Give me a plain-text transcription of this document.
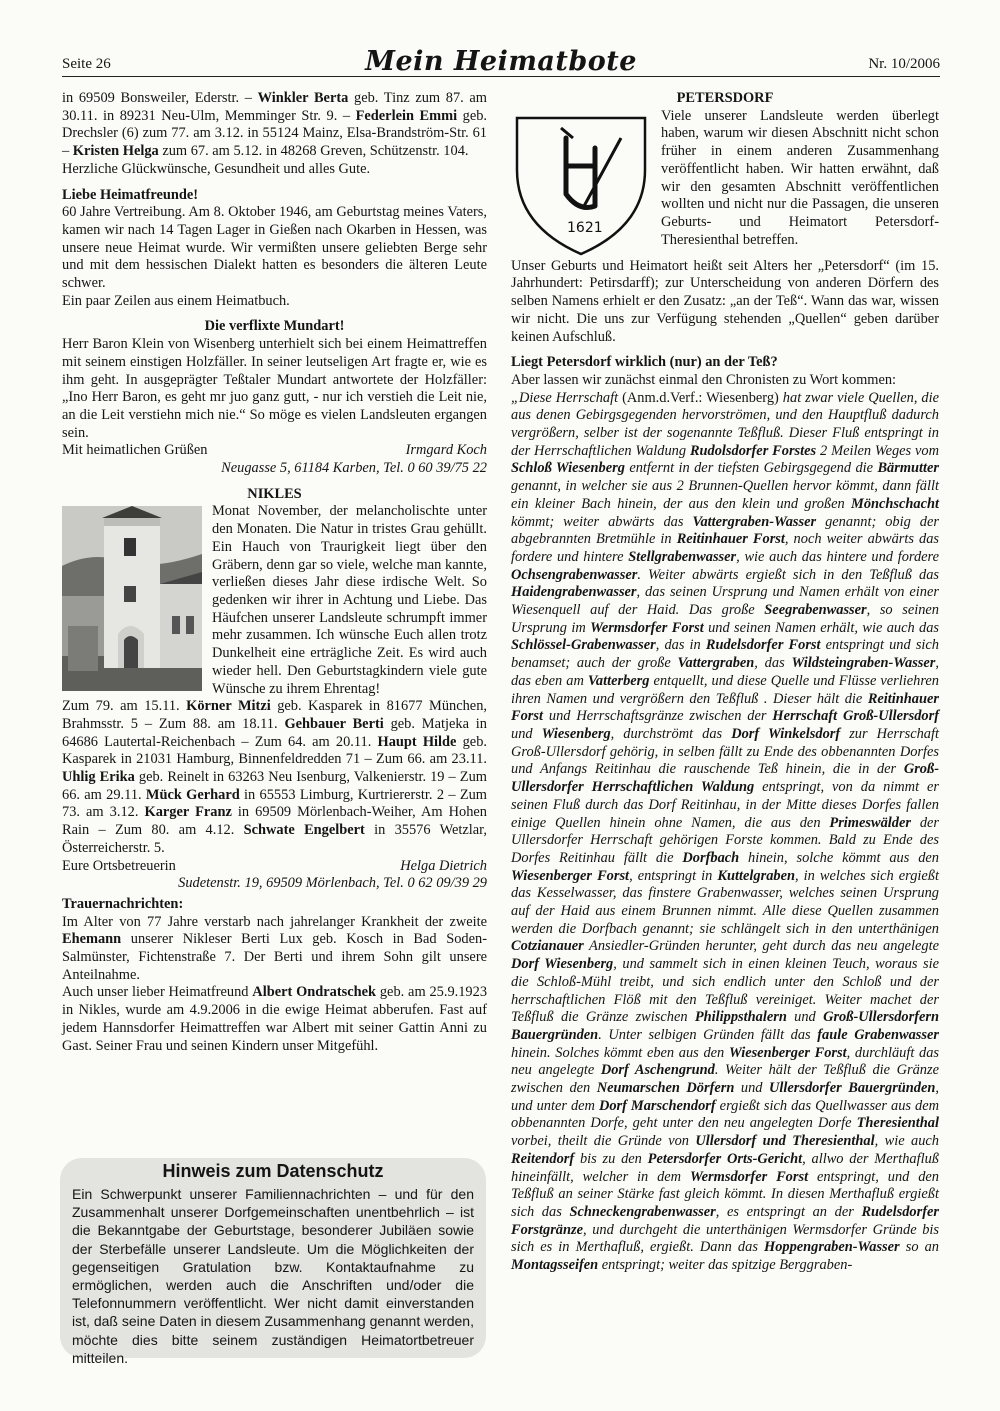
Seite 26	Mein Heimatbote	Nr. 10/2006

in 69509 Bonsweiler, Ederstr. – Winkler Berta geb. Tinz zum 87. am 30.11. in 89231 Neu-Ulm, Memminger Str. 9. – Federlein Emmi geb. Drechsler (6) zum 77. am 3.12. in 55124 Mainz, Elsa-Brandström-Str. 61 – Kristen Helga zum 67. am 5.12. in 48268 Greven, Schützenstr. 104.

Herzliche Glückwünsche, Gesundheit und alles Gute.

Liebe Heimatfreunde!

60 Jahre Vertreibung. Am 8. Oktober 1946, am Geburtstag meines Vaters, kamen wir nach 14 Tagen Lager in Gießen nach Okarben in Hessen, was unsere neue Heimat wurde. Wir vermißten unsere geliebten Berge sehr und mit dem hessischen Dialekt hatten es besonders die älteren Leute schwer.

Ein paar Zeilen aus einem Heimatbuch.

Die verflixte Mundart!

Herr Baron Klein von Wisenberg unterhielt sich bei einem Heimattreffen mit seinem einstigen Holzfäller. In seiner leutseligen Art fragte er, wie es ihm geht. In ausgeprägter Teßtaler Mundart antwortete der Holzfäller: „Ino Herr Baron, es geht mr juo ganz gutt, - nur ich verstieh die Leit nie, an die Leit verstiehn mich nie.“ So möge es vielen Landsleuten ergangen sein.

Mit heimatlichen Grüßen	Irmgard Koch

Neugasse 5, 61184 Karben, Tel. 0 60 39/75 22

NIKLES

Monat November, der melancholischte unter den Monaten. Die Natur in tristes Grau gehüllt. Ein Hauch von Traurigkeit liegt über den Gräbern, denn gar so viele, welche man kannte, verließen dieses Jahr diese irdische Welt. So gedenken wir ihrer in Achtung und Liebe. Das Häufchen unserer Landsleute schrumpft immer mehr zusammen. Ich wünsche Euch allen trotz Dunkelheit eine erträgliche Zeit. Es wird auch wieder hell. Den Geburtstagkindern viele gute Wünsche zu ihrem Ehrentag!

Zum 79. am 15.11. Körner Mitzi geb. Kasparek in 81677 München, Brahmsstr. 5 – Zum 88. am 18.11. Gehbauer Berti geb. Matjeka in 64686 Lautertal-Reichenbach – Zum 64. am 20.11. Haupt Hilde geb. Kasparek in 21031 Hamburg, Binnenfeldredden 71 – Zum 66. am 23.11. Uhlig Erika geb. Reinelt in 63263 Neu Isenburg, Valkenierstr. 19 – Zum 66. am 29.11. Mück Gerhard in 65553 Limburg, Kurtriererstr. 2 – Zum 73. am 3.12. Karger Franz in 69509 Mörlenbach-Weiher, Am Hohen Rain – Zum 80. am 4.12. Schwate Engelbert in 35576 Wetzlar, Österreicherstr. 5.

Eure Ortsbetreuerin	Helga Dietrich

Sudetenstr. 19, 69509 Mörlenbach, Tel. 0 62 09/39 29

Trauernachrichten:

Im Alter von 77 Jahre verstarb nach jahrelanger Krankheit der zweite Ehemann unserer Nikleser Berti Lux geb. Kosch in Bad Soden-Salmünster, Fichtenstraße 7. Der Berti und ihrem Sohn gilt unsere Anteilnahme.

Auch unser lieber Heimatfreund Albert Ondratschek geb. am 25.9.1923 in Nikles, wurde am 4.9.2006 in die ewige Heimat abberufen. Fast auf jedem Hannsdorfer Heimattreffen war Albert mit seiner Gattin Anni zu Gast. Seiner Frau und seinen Kindern unser Mitgefühl.

Hinweis zum Datenschutz
Ein Schwerpunkt unserer Familiennachrichten – und für den Zusammenhalt unserer Dorfgemeinschaften unentbehrlich – ist die Bekanntgabe der Geburtstage, besonderer Jubiläen sowie der Sterbefälle unserer Landsleute. Um die Möglichkeiten der gegenseitigen Gratulation bzw. Kontaktaufnahme zu ermöglichen, werden auch die Anschriften und/oder die Telefonnummern veröffentlicht. Wer nicht damit einverstanden ist, daß seine Daten in diesem Zusammenhang genannt werden, möchte dies bitte seinem zuständigen Heimatortbetreuer mitteilen.

PETERSDORF

1621

Viele unserer Landsleute werden überlegt haben, warum wir diesen Abschnitt nicht schon früher in einem anderen Zusammenhang veröffentlicht haben. Wir hatten erwähnt, daß wir den gesamten Abschnitt veröffentlichen wollten und nicht nur die Passagen, die unseren Geburts- und Heimatort Petersdorf-Theresienthal betreffen.

Unser Geburts und Heimatort heißt seit Alters her „Petersdorf“ (im 15. Jahrhundert: Petirsdarff); zur Unterscheidung von anderen Dörfern des selben Namens erhielt er den Zusatz: „an der Teß“. Wann das war, wissen wir nicht. Die uns zur Verfügung stehenden „Quellen“ geben darüber keinen Aufschluß.

Liegt Petersdorf wirklich (nur) an der Teß?

Aber lassen wir zunächst einmal den Chronisten zu Wort kommen:

„Diese Herrschaft (Anm.d.Verf.: Wiesenberg) hat zwar viele Quellen, die aus denen Gebirgsgegenden hervorströmen, und den Hauptfluß dadurch vergrößern, selber ist der sogenannte Teßfluß. Dieser Fluß entspringt in der Herrschaftlichen Waldung Rudolsdorfer Forstes 2 Meilen Weges vom Schloß Wiesenberg entfernt in der tiefsten Gebirgsgegend die Bärmutter genannt, in welcher sie aus 2 Brunnen-Quellen hervor kömmt, dann fällt ein kleiner Bach hinein, der aus den klein und großen Mönchschacht kömmt; weiter abwärts das Vattergraben-Wasser genannt; obig der abgebrannten Bretmühle in Reitinhauer Forst, noch weiter abwärts das fordere und hintere Stellgrabenwasser, wie auch das hintere und fordere Ochsengrabenwasser. Weiter abwärts ergießt sich in den Teßfluß das Haidengrabenwasser, das seinen Ursprung und Namen erhält von einer Wiesenquell auf der Haid. Das große Seegrabenwasser, so seinen Ursprung im Wermsdorfer Forst und seinen Namen erhält, wie auch das Schlössel-Grabenwasser, das in Rudelsdorfer Forst entspringt und sich benamset; auch der große Vattergraben, das Wildsteingraben-Wasser, das eben am Vatterberg entquellt, und diese Quelle und Flüsse verliehren ihren Namen und vergrößern den Teßfluß . Dieser hält die Reitinhauer Forst und Herrschaftsgränze zwischen der Herrschaft Groß-Ullersdorf und Wiesenberg, durchströmt das Dorf Winkelsdorf zur Herrschaft Groß-Ullersdorf gehörig, in selben fällt zu Ende des obbenannten Dorfes und Anfangs Reitinhau die rauschende Teß hinein, die in der Groß-Ullersdorfer Herrschaftlichen Waldung entspringt, von da nimmt er seinen Fluß durch das Dorf Reitinhau, in der Mitte dieses Dorfes fallen einige Quellen hinein ohne Namen, die aus den Primeswälder der Ullersdorfer Herrschaft gehörigen Forste kommen. Bald zu Ende des Dorfes Reitinhau fällt die Dorfbach hinein, solche kömmt aus den Wiesenberger Forst, entspringt in Kuttelgraben, in welches sich ergießt das Kesselwasser, das finstere Grabenwasser, welches seinen Ursprung auf der Haid aus einem Brunnen nimmt. Alle diese Quellen zusammen werden die Dorfbach genannt; sie schlängelt sich in den unterthänigen Cotzianauer Ansiedler-Gründen herunter, geht durch das neu angelegte Dorf Wiesenberg, und sammelt sich in einen kleinen Teuch, woraus sie die Schloß-Mühl treibt, und sich endlich unter den Schloß und der herrschaftlichen Flöß mit den Teßfluß vereiniget. Weiter machet der Teßfluß die Gränze zwischen Philippsthalern und Groß-Ullersdorfern Bauergründen. Unter selbigen Gründen fällt das faule Grabenwasser hinein. Solches kömmt eben aus den Wiesenberger Forst, durchläuft das neu angelegte Dorf Aschengrund. Weiter hält der Teßfluß die Gränze zwischen den Neumarschen Dörfern und Ullersdorfer Bauergründen, und unter dem Dorf Marschendorf ergießt sich das Quellwasser aus dem obbenannten Dorfe, geht unter den neu angelegten Dorfe Theresienthal vorbei, theilt die Gründe von Ullersdorf und Theresienthal, wie auch Reitendorf bis zu den Petersdorfer Orts-Gericht, allwo der Merthafluß hineinfällt, welcher in dem Wermsdorfer Forst entspringt, und den Teßfluß an seiner Stärke fast gleich kömmt. In diesen Merthafluß ergießt sich das Schneckengrabenwasser, es entspringt an der Rudelsdorfer Forstgränze, und durchgeht die unterthänigen Wermsdorfer Gründe bis sich es in Merthafluß, ergießt. Dann das Hoppengraben-Wasser so an Montagsseifen entspringt; weiter das spitzige Berggraben-
